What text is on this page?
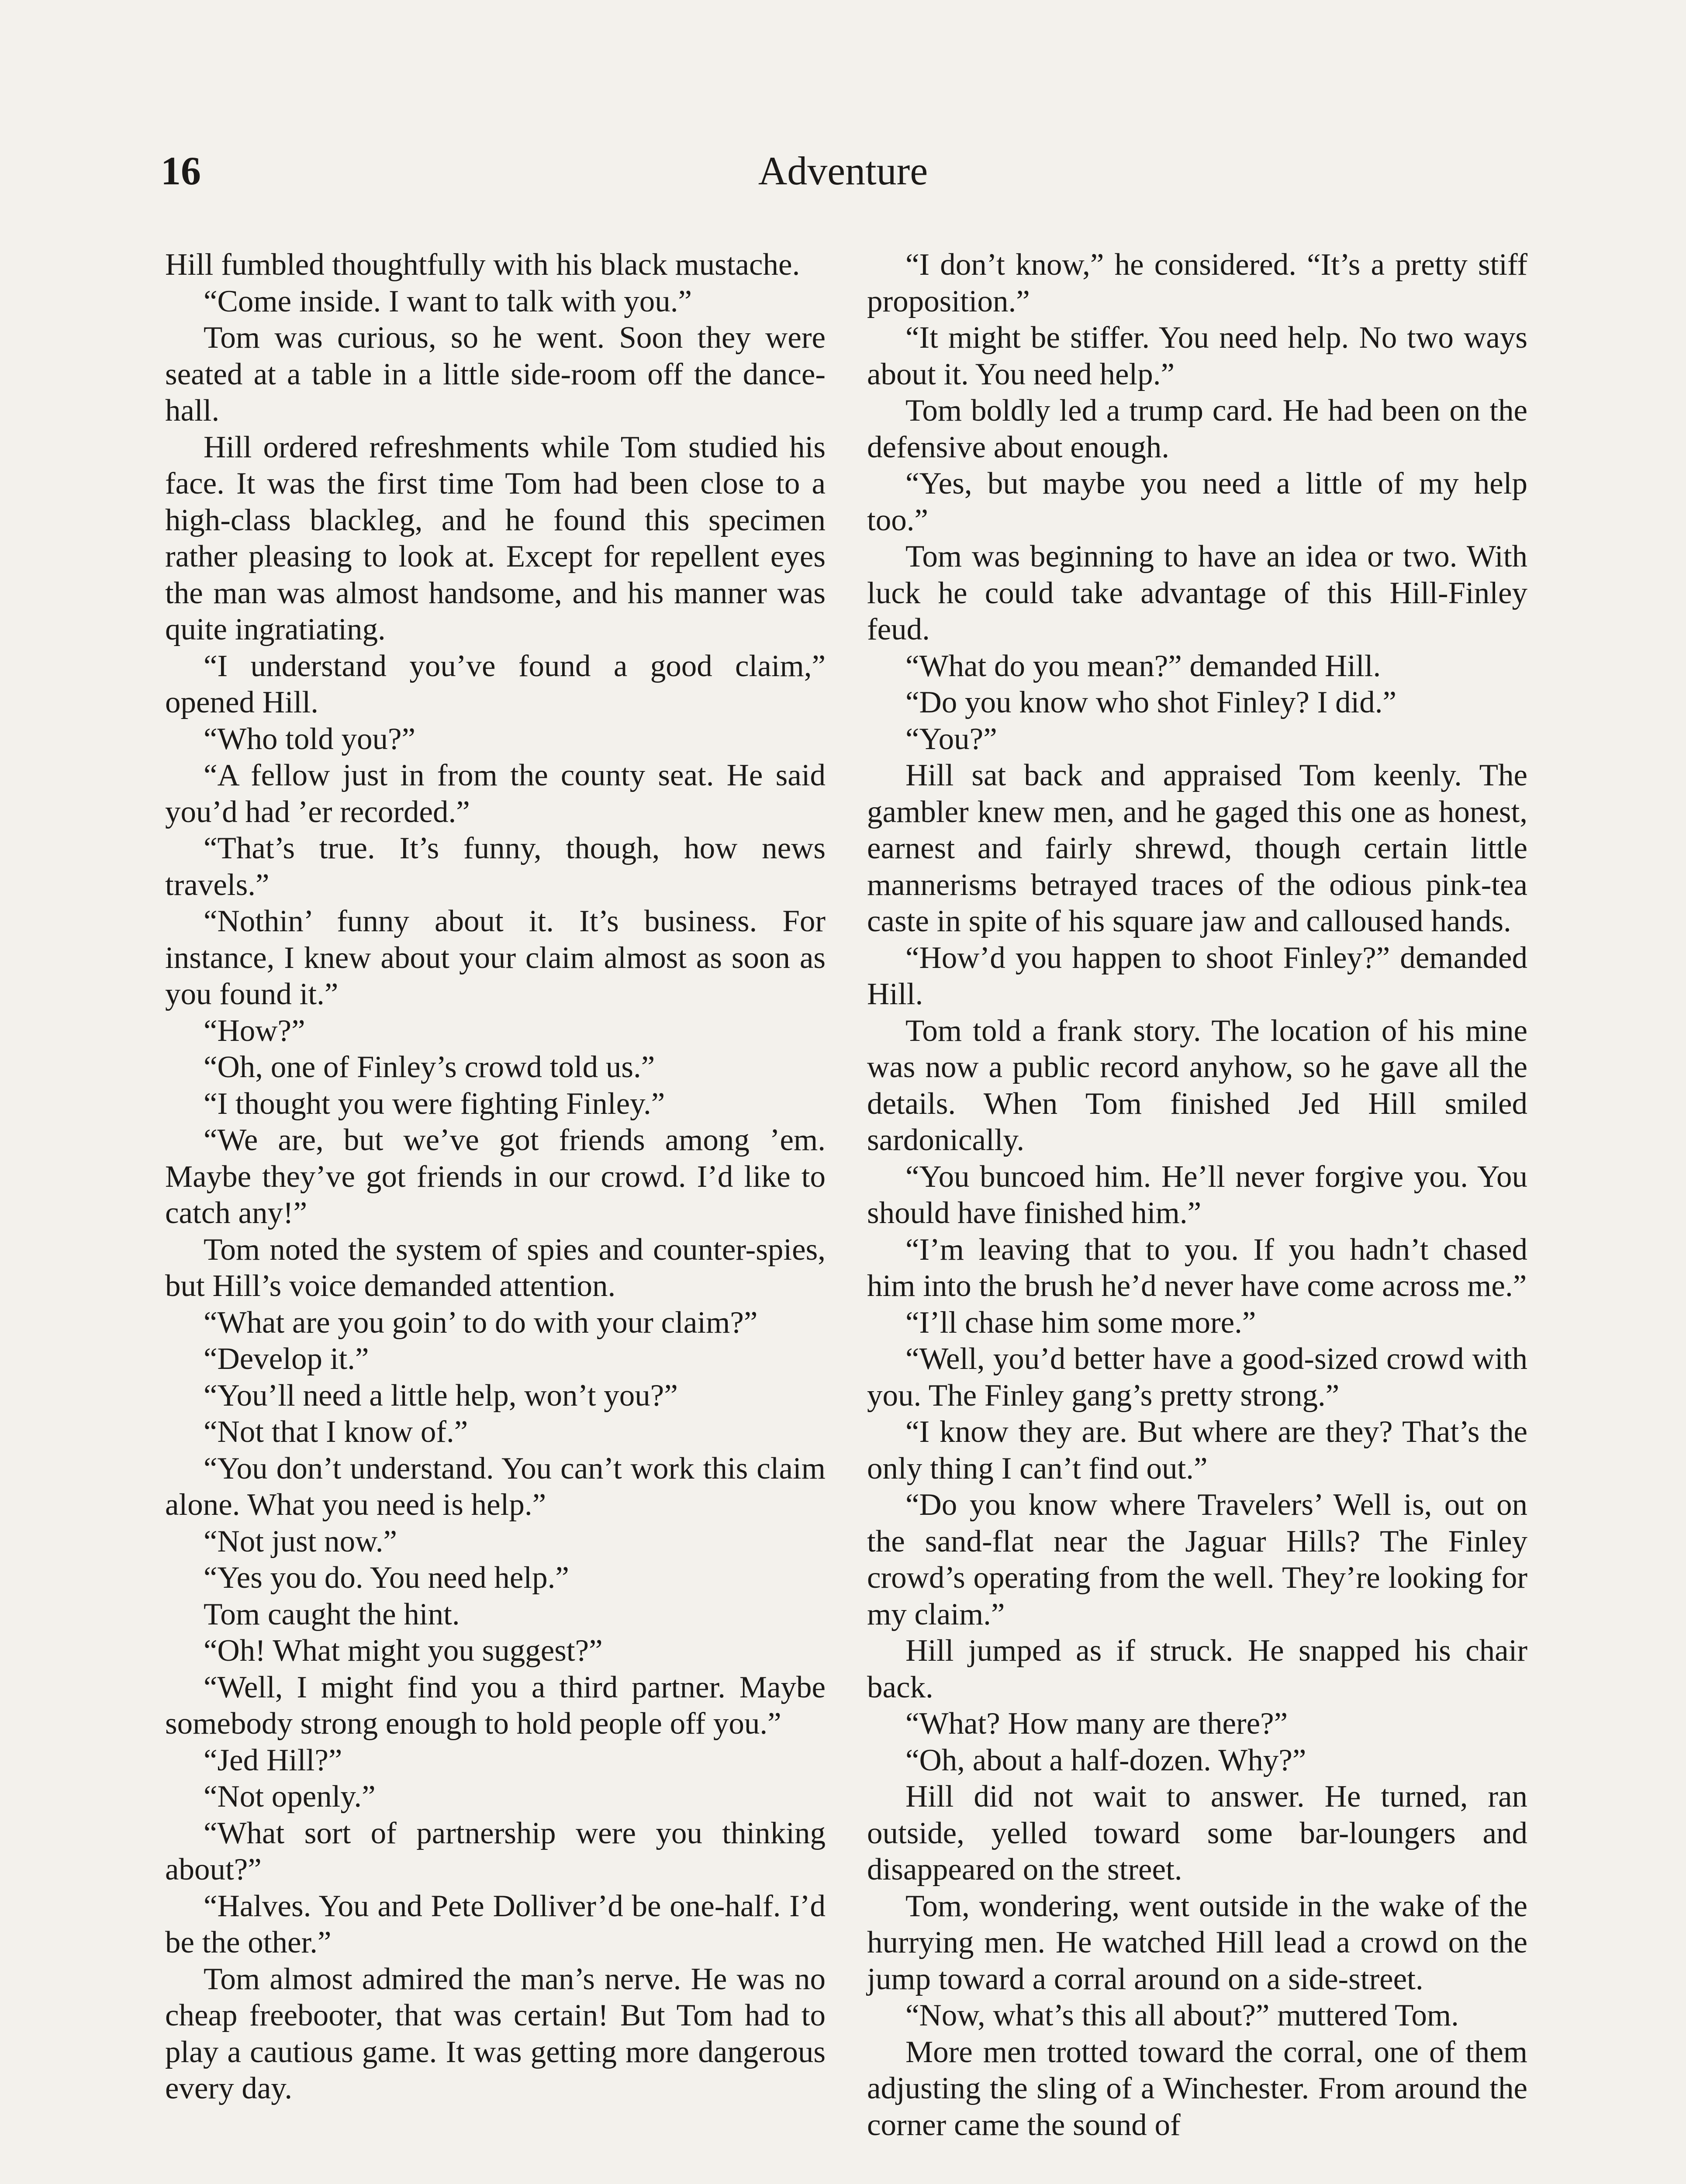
16	Adventure

Hill fumbled thoughtfully with his black mustache.

“Come inside. I want to talk with you.”

Tom was curious, so he went. Soon they were seated at a table in a little side-room off the dance-hall.

Hill ordered refreshments while Tom studied his face. It was the first time Tom had been close to a high-class blackleg, and he found this specimen rather pleasing to look at. Except for repellent eyes the man was almost handsome, and his manner was quite ingratiating.

“I understand you’ve found a good claim,” opened Hill.

“Who told you?”

“A fellow just in from the county seat. He said you’d had ’er recorded.”

“That’s true. It’s funny, though, how news travels.”

“Nothin’ funny about it. It’s business. For instance, I knew about your claim almost as soon as you found it.”

“How?”

“Oh, one of Finley’s crowd told us.”

“I thought you were fighting Finley.”

“We are, but we’ve got friends among ’em. Maybe they’ve got friends in our crowd. I’d like to catch any!”

Tom noted the system of spies and counter-spies, but Hill’s voice demanded attention.

“What are you goin’ to do with your claim?”

“Develop it.”

“You’ll need a little help, won’t you?”

“Not that I know of.”

“You don’t understand. You can’t work this claim alone. What you need is help.”

“Not just now.”

“Yes you do. You need help.”

Tom caught the hint.

“Oh! What might you suggest?”

“Well, I might find you a third partner. Maybe somebody strong enough to hold people off you.”

“Jed Hill?”

“Not openly.”

“What sort of partnership were you thinking about?”

“Halves. You and Pete Dolliver’d be one-half. I’d be the other.”

Tom almost admired the man’s nerve. He was no cheap freebooter, that was certain! But Tom had to play a cautious game. It was getting more dangerous every day.

“I don’t know,” he considered. “It’s a pretty stiff proposition.”

“It might be stiffer. You need help. No two ways about it. You need help.”

Tom boldly led a trump card. He had been on the defensive about enough.

“Yes, but maybe you need a little of my help too.”

Tom was beginning to have an idea or two. With luck he could take advantage of this Hill-Finley feud.

“What do you mean?” demanded Hill.

“Do you know who shot Finley? I did.”

“You?”

Hill sat back and appraised Tom keenly. The gambler knew men, and he gaged this one as honest, earnest and fairly shrewd, though certain little mannerisms betrayed traces of the odious pink-tea caste in spite of his square jaw and calloused hands.

“How’d you happen to shoot Finley?” demanded Hill.

Tom told a frank story. The location of his mine was now a public record anyhow, so he gave all the details. When Tom finished Jed Hill smiled sardonically.

“You buncoed him. He’ll never forgive you. You should have finished him.”

“I’m leaving that to you. If you hadn’t chased him into the brush he’d never have come across me.”

“I’ll chase him some more.”

“Well, you’d better have a good-sized crowd with you. The Finley gang’s pretty strong.”

“I know they are. But where are they? That’s the only thing I can’t find out.”

“Do you know where Travelers’ Well is, out on the sand-flat near the Jaguar Hills? The Finley crowd’s operating from the well. They’re looking for my claim.”

Hill jumped as if struck. He snapped his chair back.

“What? How many are there?”

“Oh, about a half-dozen. Why?”

Hill did not wait to answer. He turned, ran outside, yelled toward some bar-loungers and disappeared on the street.

Tom, wondering, went outside in the wake of the hurrying men. He watched Hill lead a crowd on the jump toward a corral around on a side-street.

“Now, what’s this all about?” muttered Tom.

More men trotted toward the corral, one of them adjusting the sling of a Winchester. From around the corner came the sound of
